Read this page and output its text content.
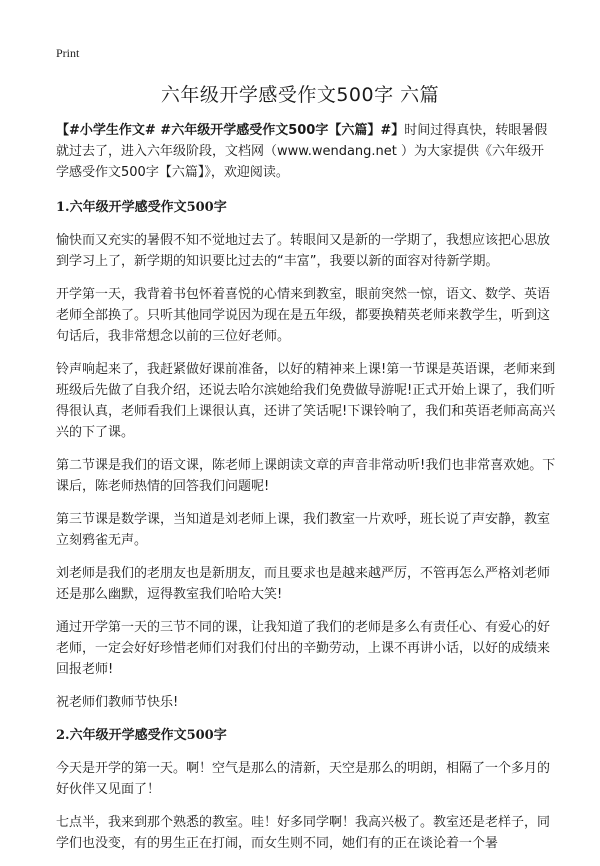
Print
六年级开学感受作文500字 六篇

【#小学生作文# #六年级开学感受作文500字【六篇】#】时间过得真快，转眼暑假就过去了，进入六年级阶段，文档网（www.wendang.net ）为大家提供《六年级开学感受作文500字【六篇】》，欢迎阅读。

1.六年级开学感受作文500字

愉快而又充实的暑假不知不觉地过去了。转眼间又是新的一学期了，我想应该把心思放到学习上了，新学期的知识要比过去的“丰富”，我要以新的面容对待新学期。

开学第一天，我背着书包怀着喜悦的心情来到教室，眼前突然一惊，语文、数学、英语老师全部换了。只听其他同学说因为现在是五年级，都要换精英老师来教学生，听到这句话后，我非常想念以前的三位好老师。

铃声响起来了，我赶紧做好课前准备，以好的精神来上课!第一节课是英语课，老师来到班级后先做了自我介绍，还说去哈尔滨她给我们免费做导游呢!正式开始上课了，我们听得很认真，老师看我们上课很认真，还讲了笑话呢!下课铃响了，我们和英语老师高高兴兴的下了课。

第二节课是我们的语文课，陈老师上课朗读文章的声音非常动听!我们也非常喜欢她。下课后，陈老师热情的回答我们问题呢!

第三节课是数学课，当知道是刘老师上课，我们教室一片欢呼，班长说了声安静，教室立刻鸦雀无声。

刘老师是我们的老朋友也是新朋友，而且要求也是越来越严厉，不管再怎么严格刘老师还是那么幽默，逗得教室我们哈哈大笑!

通过开学第一天的三节不同的课，让我知道了我们的老师是多么有责任心、有爱心的好老师，一定会好好珍惜老师们对我们付出的辛勤劳动，上课不再讲小话，以好的成绩来回报老师!

祝老师们教师节快乐!

2.六年级开学感受作文500字

今天是开学的第一天。啊！空气是那么的清新，天空是那么的明朗，相隔了一个多月的好伙伴又见面了！

七点半，我来到那个熟悉的教室。哇！好多同学啊！我高兴极了。教室还是老样子，同学们也没变，有的男生正在打闹，而女生则不同，她们有的正在谈论着一个暑
